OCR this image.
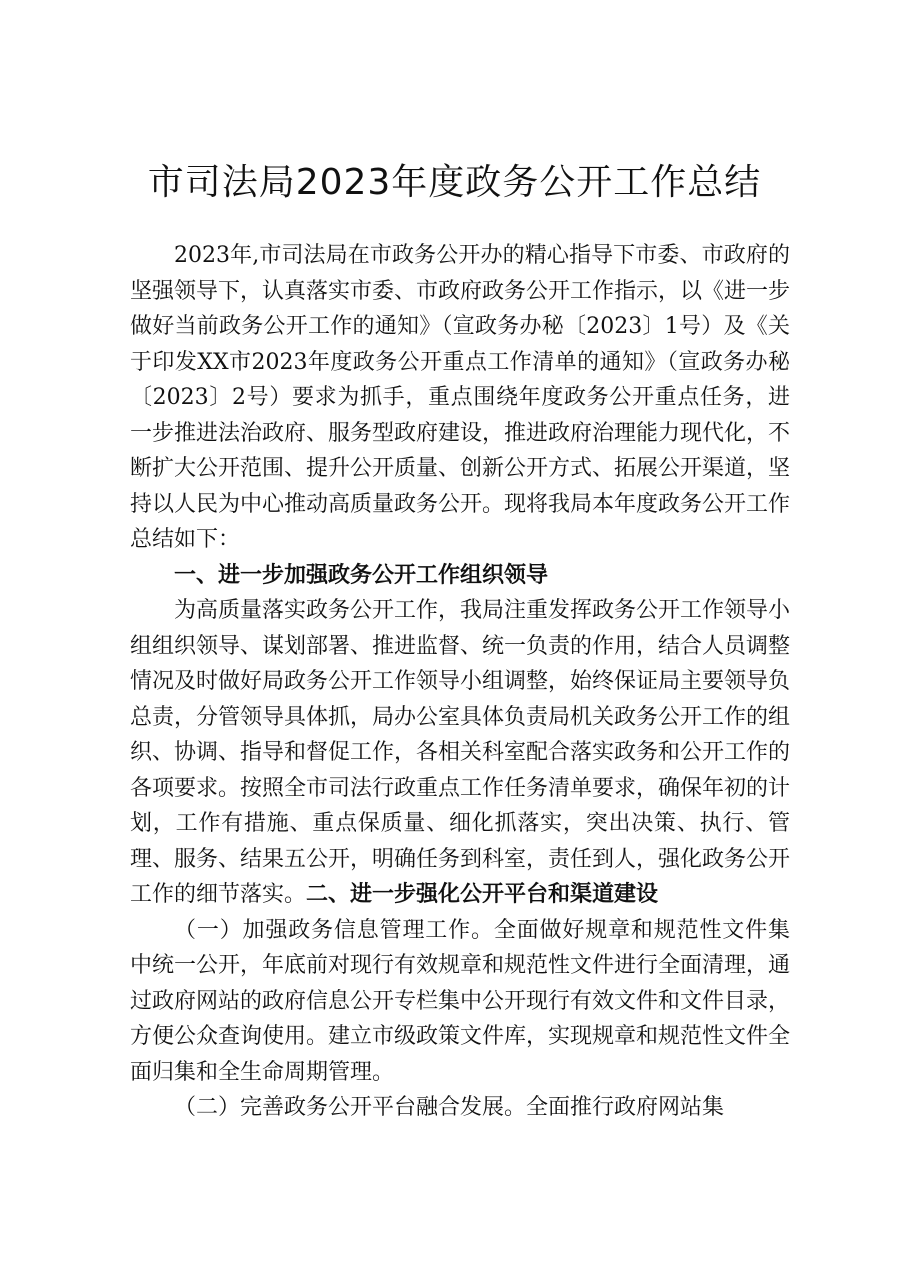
市司法局2023年度政务公开工作总结

2023年,市司法局在市政务公开办的精心指导下市委、市政府的坚强领导下，认真落实市委、市政府政务公开工作指示，以《进一步做好当前政务公开工作的通知》（宣政务办秘〔2023〕1号）及《关于印发XX市2023年度政务公开重点工作清单的通知》（宣政务办秘〔2023〕2号）要求为抓手，重点围绕年度政务公开重点任务，进一步推进法治政府、服务型政府建设，推进政府治理能力现代化，不断扩大公开范围、提升公开质量、创新公开方式、拓展公开渠道，坚持以人民为中心推动高质量政务公开。现将我局本年度政务公开工作总结如下：

一、进一步加强政务公开工作组织领导

为高质量落实政务公开工作，我局注重发挥政务公开工作领导小组组织领导、谋划部署、推进监督、统一负责的作用，结合人员调整情况及时做好局政务公开工作领导小组调整，始终保证局主要领导负总责，分管领导具体抓，局办公室具体负责局机关政务公开工作的组织、协调、指导和督促工作，各相关科室配合落实政务和公开工作的各项要求。按照全市司法行政重点工作任务清单要求，确保年初的计划，工作有措施、重点保质量、细化抓落实，突出决策、执行、管理、服务、结果五公开，明确任务到科室，责任到人，强化政务公开工作的细节落实。二、进一步强化公开平台和渠道建设

（一）加强政务信息管理工作。全面做好规章和规范性文件集中统一公开，年底前对现行有效规章和规范性文件进行全面清理，通过政府网站的政府信息公开专栏集中公开现行有效文件和文件目录，方便公众查询使用。建立市级政策文件库，实现规章和规范性文件全面归集和全生命周期管理。

（二）完善政务公开平台融合发展。全面推行政府网站集
